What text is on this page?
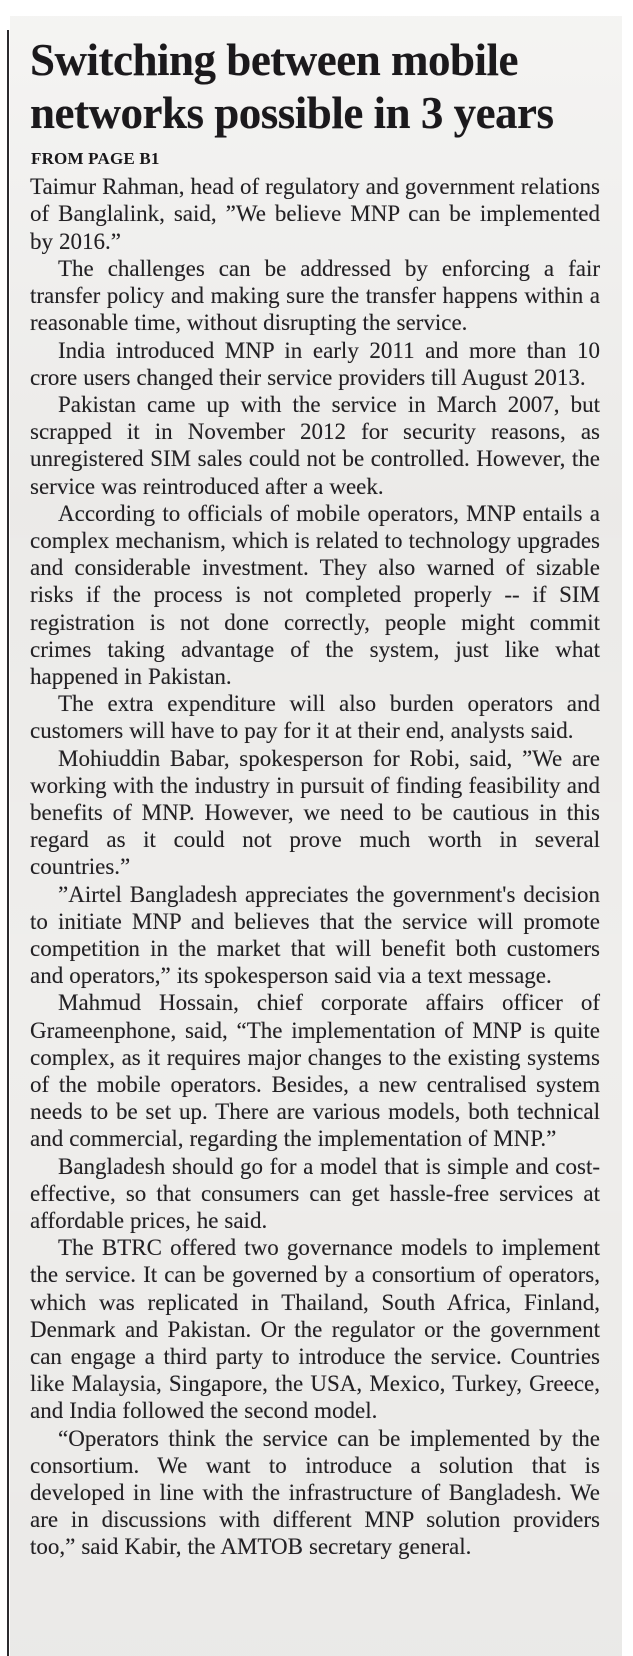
Switching between mobile
networks possible in 3 years
FROM PAGE B1

Taimur Rahman, head of regulatory and government relations of Banglalink, said, ”We believe MNP can be implemented by 2016.”

The challenges can be addressed by enforcing a fair transfer policy and making sure the transfer happens within a reasonable time, without disrupting the service.

India introduced MNP in early 2011 and more than 10 crore users changed their service providers till August 2013.

Pakistan came up with the service in March 2007, but scrapped it in November 2012 for security reasons, as unregistered SIM sales could not be controlled. However, the service was reintroduced after a week.

According to officials of mobile operators, MNP entails a complex mechanism, which is related to technology upgrades and considerable investment. They also warned of sizable risks if the process is not completed properly -- if SIM registration is not done correctly, people might commit crimes taking advantage of the system, just like what happened in Pakistan.

The extra expenditure will also burden operators and customers will have to pay for it at their end, analysts said.

Mohiuddin Babar, spokesperson for Robi, said, ”We are working with the industry in pursuit of finding feasibility and benefits of MNP. However, we need to be cautious in this regard as it could not prove much worth in several countries.”

”Airtel Bangladesh appreciates the government's decision to initiate MNP and believes that the service will promote competition in the market that will benefit both customers and operators,” its spokesperson said via a text message.

Mahmud Hossain, chief corporate affairs officer of Grameenphone, said, “The implementation of MNP is quite complex, as it requires major changes to the existing systems of the mobile operators. Besides, a new centralised system needs to be set up. There are various models, both technical and commercial, regarding the implementation of MNP.”

Bangladesh should go for a model that is simple and cost-effective, so that consumers can get hassle-free services at affordable prices, he said.

The BTRC offered two governance models to implement the service. It can be governed by a consortium of operators, which was replicated in Thailand, South Africa, Finland, Denmark and Pakistan. Or the regulator or the government can engage a third party to introduce the service. Countries like Malaysia, Singapore, the USA, Mexico, Turkey, Greece, and India followed the second model.

“Operators think the service can be implemented by the consortium. We want to introduce a solution that is developed in line with the infrastructure of Bangladesh. We are in discussions with different MNP solution providers too,” said Kabir, the AMTOB secretary general.
